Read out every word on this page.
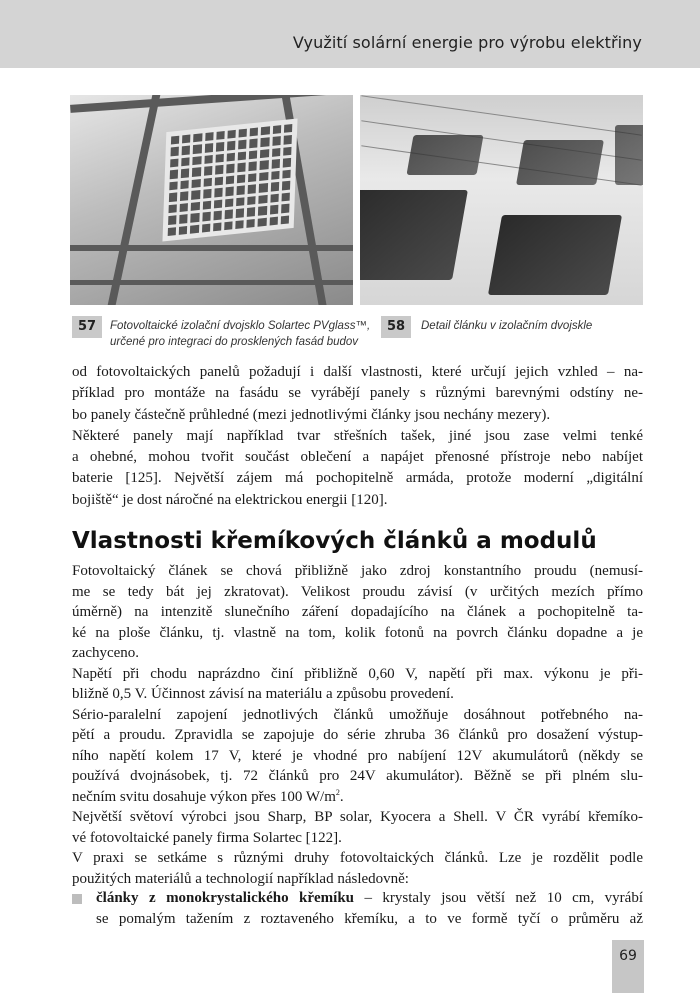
Využití solární energie pro výrobu elektřiny
57	Fotovoltaické izolační dvojsklo Solartec PVglass™,
určené pro integraci do prosklených fasád budov
58	Detail článku v izolačním dvojskle
od fotovoltaických panelů požadují i další vlastnosti, které určují jejich vzhled – na-
příklad pro montáže na fasádu se vyrábějí panely s různými barevnými odstíny ne-
bo panely částečně průhledné (mezi jednotlivými články jsou nechány mezery).
Některé panely mají například tvar střešních tašek, jiné jsou zase velmi tenké
a ohebné, mohou tvořit součást oblečení a napájet přenosné přístroje nebo nabíjet
baterie [125]. Největší zájem má pochopitelně armáda, protože moderní „digitální
bojiště“ je dost náročné na elektrickou energii [120].
Vlastnosti křemíkových článků a modulů
Fotovoltaický článek se chová přibližně jako zdroj konstantního proudu (nemusí-
me se tedy bát jej zkratovat). Velikost proudu závisí (v určitých mezích přímo
úměrně) na intenzitě slunečního záření dopadajícího na článek a pochopitelně ta-
ké na ploše článku, tj. vlastně na tom, kolik fotonů na povrch článku dopadne a je
zachyceno.
Napětí při chodu naprázdno činí přibližně 0,60 V, napětí při max. výkonu je při-
bližně 0,5 V. Účinnost závisí na materiálu a způsobu provedení.
Sério-paralelní zapojení jednotlivých článků umožňuje dosáhnout potřebného na-
pětí a proudu. Zpravidla se zapojuje do série zhruba 36 článků pro dosažení výstup-
ního napětí kolem 17 V, které je vhodné pro nabíjení 12V akumulátorů (někdy se
používá dvojnásobek, tj. 72 článků pro 24V akumulátor). Běžně se při plném slu-
nečním svitu dosahuje výkon přes 100 $W/m^2$.
Největší světoví výrobci jsou Sharp, BP solar, Kyocera a Shell. V ČR vyrábí křemíko-
vé fotovoltaické panely firma Solartec [122].
V praxi se setkáme s různými druhy fotovoltaických článků. Lze je rozdělit podle
použitých materiálů a technologií například následovně:
články z monokrystalického křemíku – krystaly jsou větší než 10 cm, vyrábí
se pomalým tažením z roztaveného křemíku, a to ve formě tyčí o průměru až
69
